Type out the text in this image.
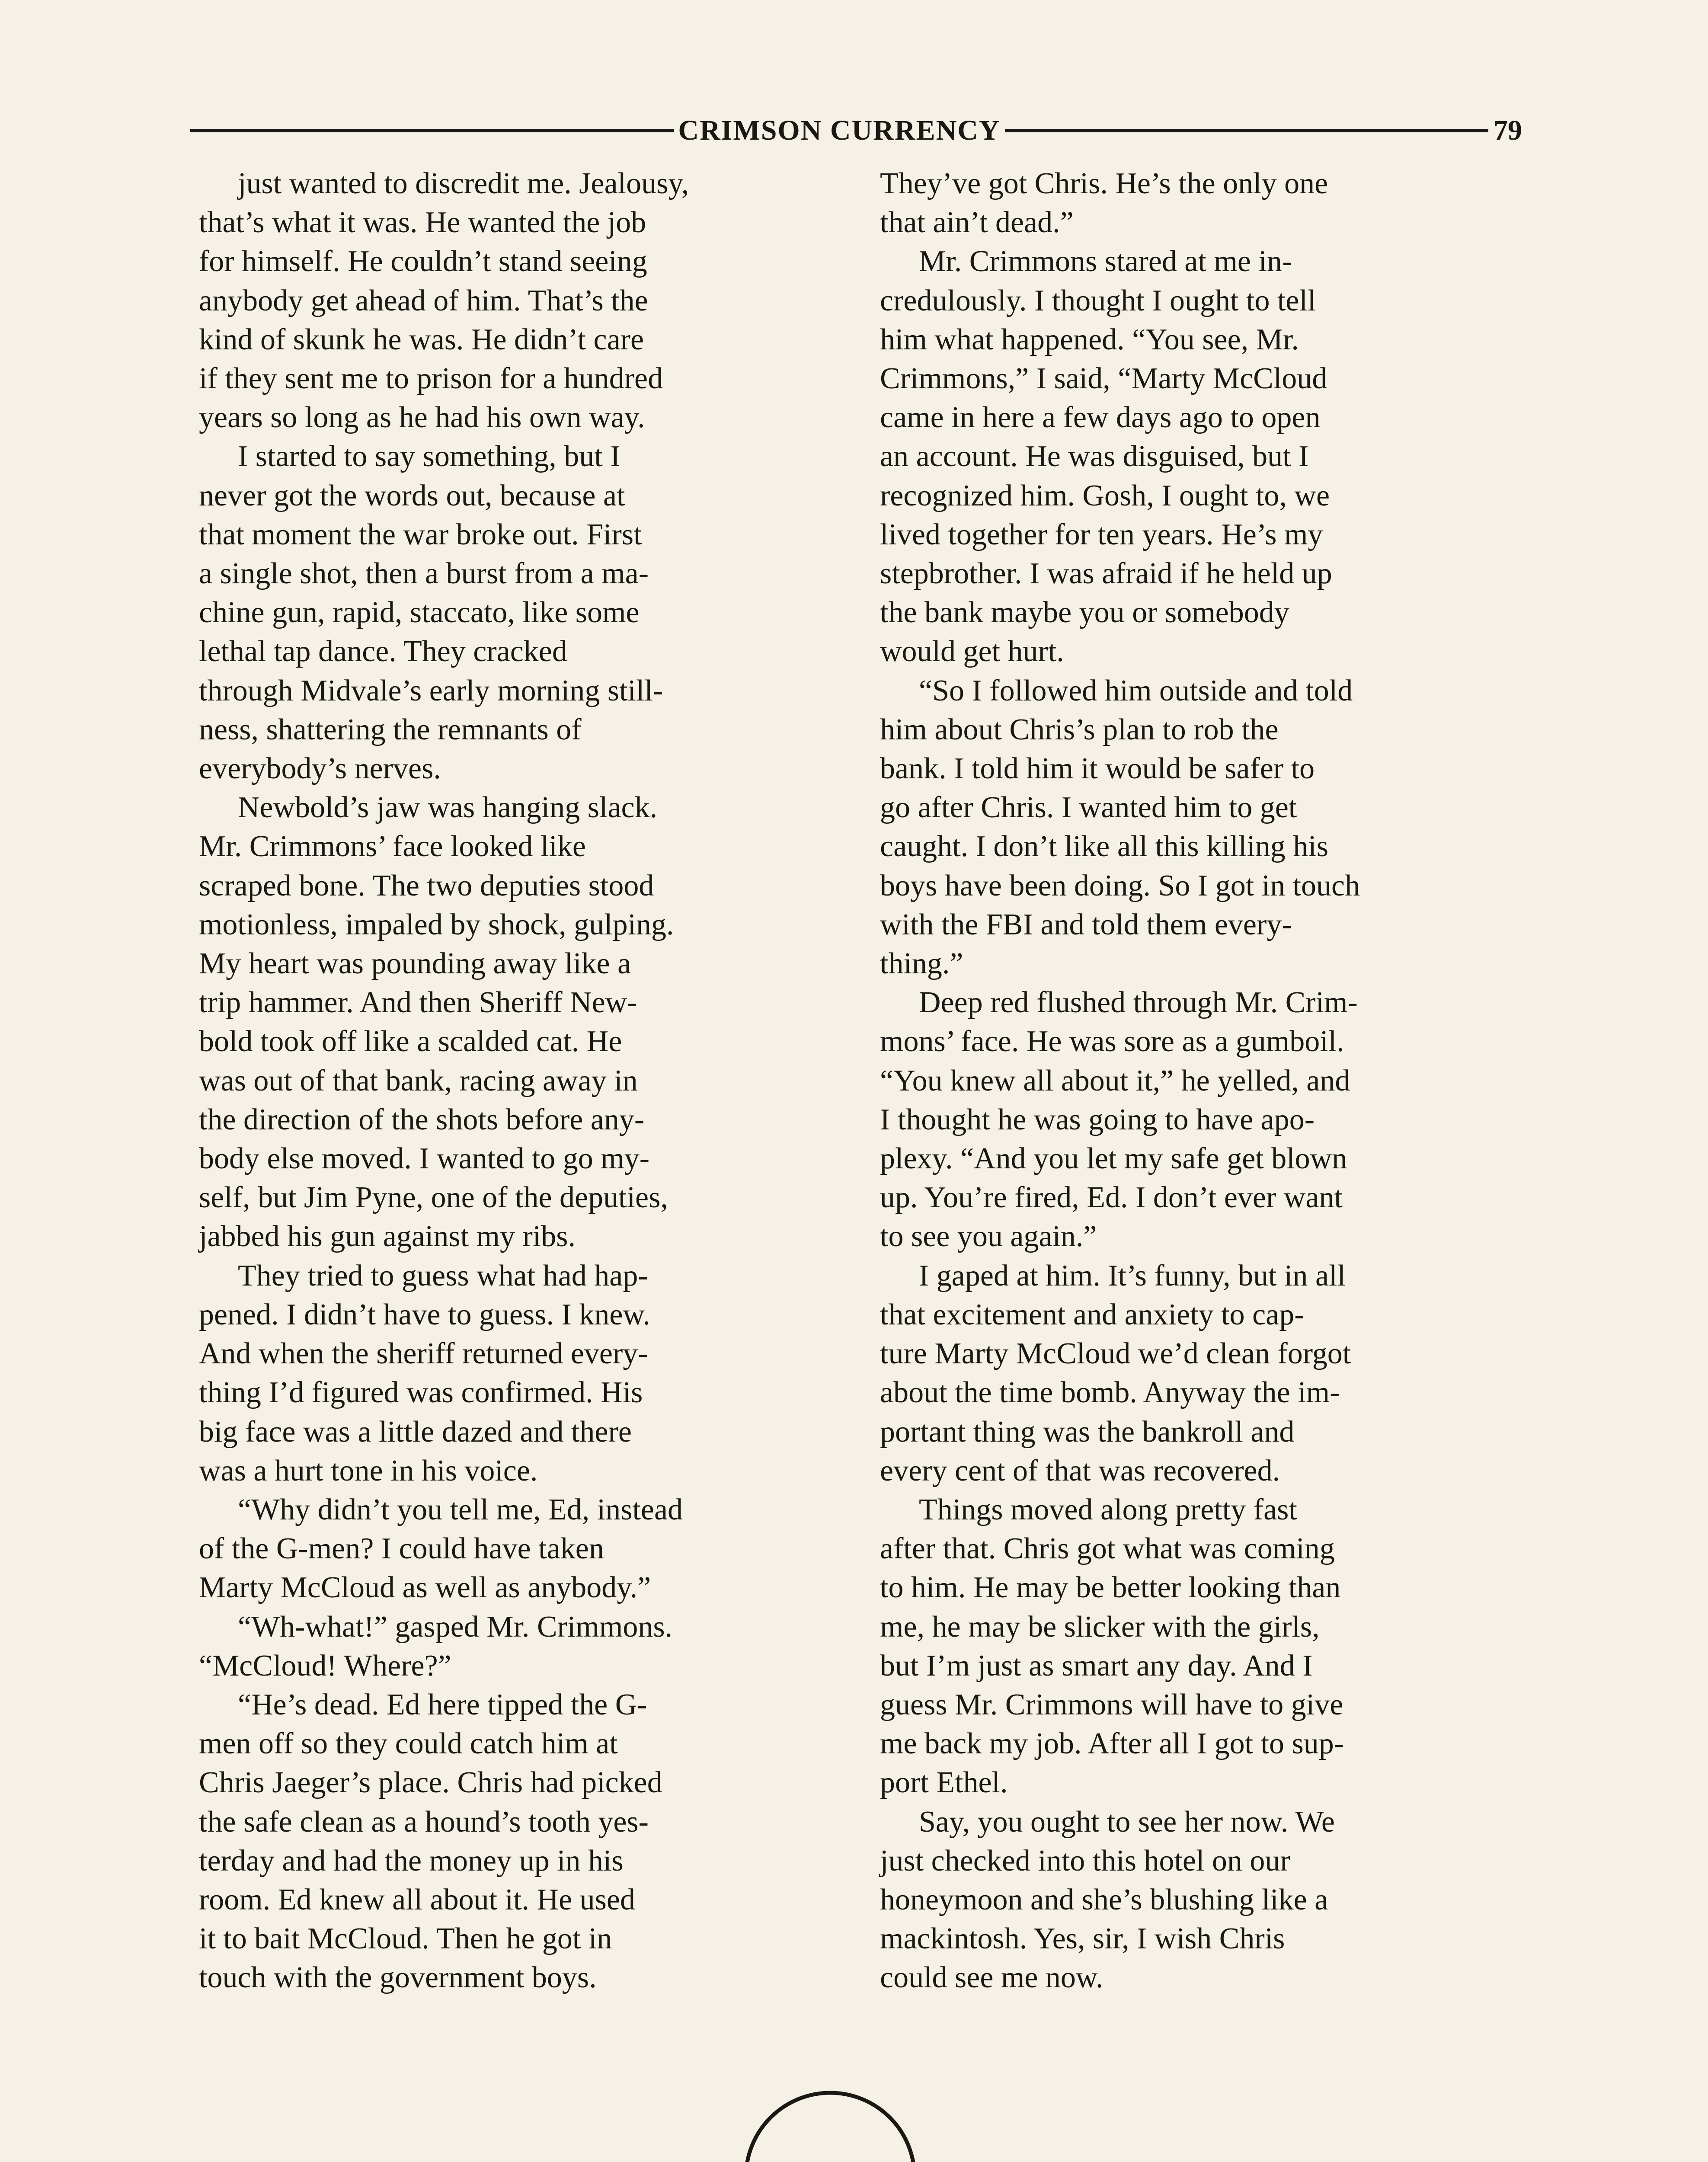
CRIMSON CURRENCY	79
just wanted to discredit me. Jealousy,
that’s what it was. He wanted the job
for himself. He couldn’t stand seeing
anybody get ahead of him. That’s the
kind of skunk he was. He didn’t care
if they sent me to prison for a hundred
years so long as he had his own way.
I started to say something, but I
never got the words out, because at
that moment the war broke out. First
a single shot, then a burst from a ma-
chine gun, rapid, staccato, like some
lethal tap dance. They cracked
through Midvale’s early morning still-
ness, shattering the remnants of
everybody’s nerves.
Newbold’s jaw was hanging slack.
Mr. Crimmons’ face looked like
scraped bone. The two deputies stood
motionless, impaled by shock, gulping.
My heart was pounding away like a
trip hammer. And then Sheriff New-
bold took off like a scalded cat. He
was out of that bank, racing away in
the direction of the shots before any-
body else moved. I wanted to go my-
self, but Jim Pyne, one of the deputies,
jabbed his gun against my ribs.
They tried to guess what had hap-
pened. I didn’t have to guess. I knew.
And when the sheriff returned every-
thing I’d figured was confirmed. His
big face was a little dazed and there
was a hurt tone in his voice.
“Why didn’t you tell me, Ed, instead
of the G-men? I could have taken
Marty McCloud as well as anybody.”
“Wh-what!” gasped Mr. Crimmons.
“McCloud! Where?”
“He’s dead. Ed here tipped the G-
men off so they could catch him at
Chris Jaeger’s place. Chris had picked
the safe clean as a hound’s tooth yes-
terday and had the money up in his
room. Ed knew all about it. He used
it to bait McCloud. Then he got in
touch with the government boys.
They’ve got Chris. He’s the only one
that ain’t dead.”
Mr. Crimmons stared at me in-
credulously. I thought I ought to tell
him what happened. “You see, Mr.
Crimmons,” I said, “Marty McCloud
came in here a few days ago to open
an account. He was disguised, but I
recognized him. Gosh, I ought to, we
lived together for ten years. He’s my
stepbrother. I was afraid if he held up
the bank maybe you or somebody
would get hurt.
“So I followed him outside and told
him about Chris’s plan to rob the
bank. I told him it would be safer to
go after Chris. I wanted him to get
caught. I don’t like all this killing his
boys have been doing. So I got in touch
with the FBI and told them every-
thing.”
Deep red flushed through Mr. Crim-
mons’ face. He was sore as a gumboil.
“You knew all about it,” he yelled, and
I thought he was going to have apo-
plexy. “And you let my safe get blown
up. You’re fired, Ed. I don’t ever want
to see you again.”
I gaped at him. It’s funny, but in all
that excitement and anxiety to cap-
ture Marty McCloud we’d clean forgot
about the time bomb. Anyway the im-
portant thing was the bankroll and
every cent of that was recovered.
Things moved along pretty fast
after that. Chris got what was coming
to him. He may be better looking than
me, he may be slicker with the girls,
but I’m just as smart any day. And I
guess Mr. Crimmons will have to give
me back my job. After all I got to sup-
port Ethel.
Say, you ought to see her now. We
just checked into this hotel on our
honeymoon and she’s blushing like a
mackintosh. Yes, sir, I wish Chris
could see me now.
